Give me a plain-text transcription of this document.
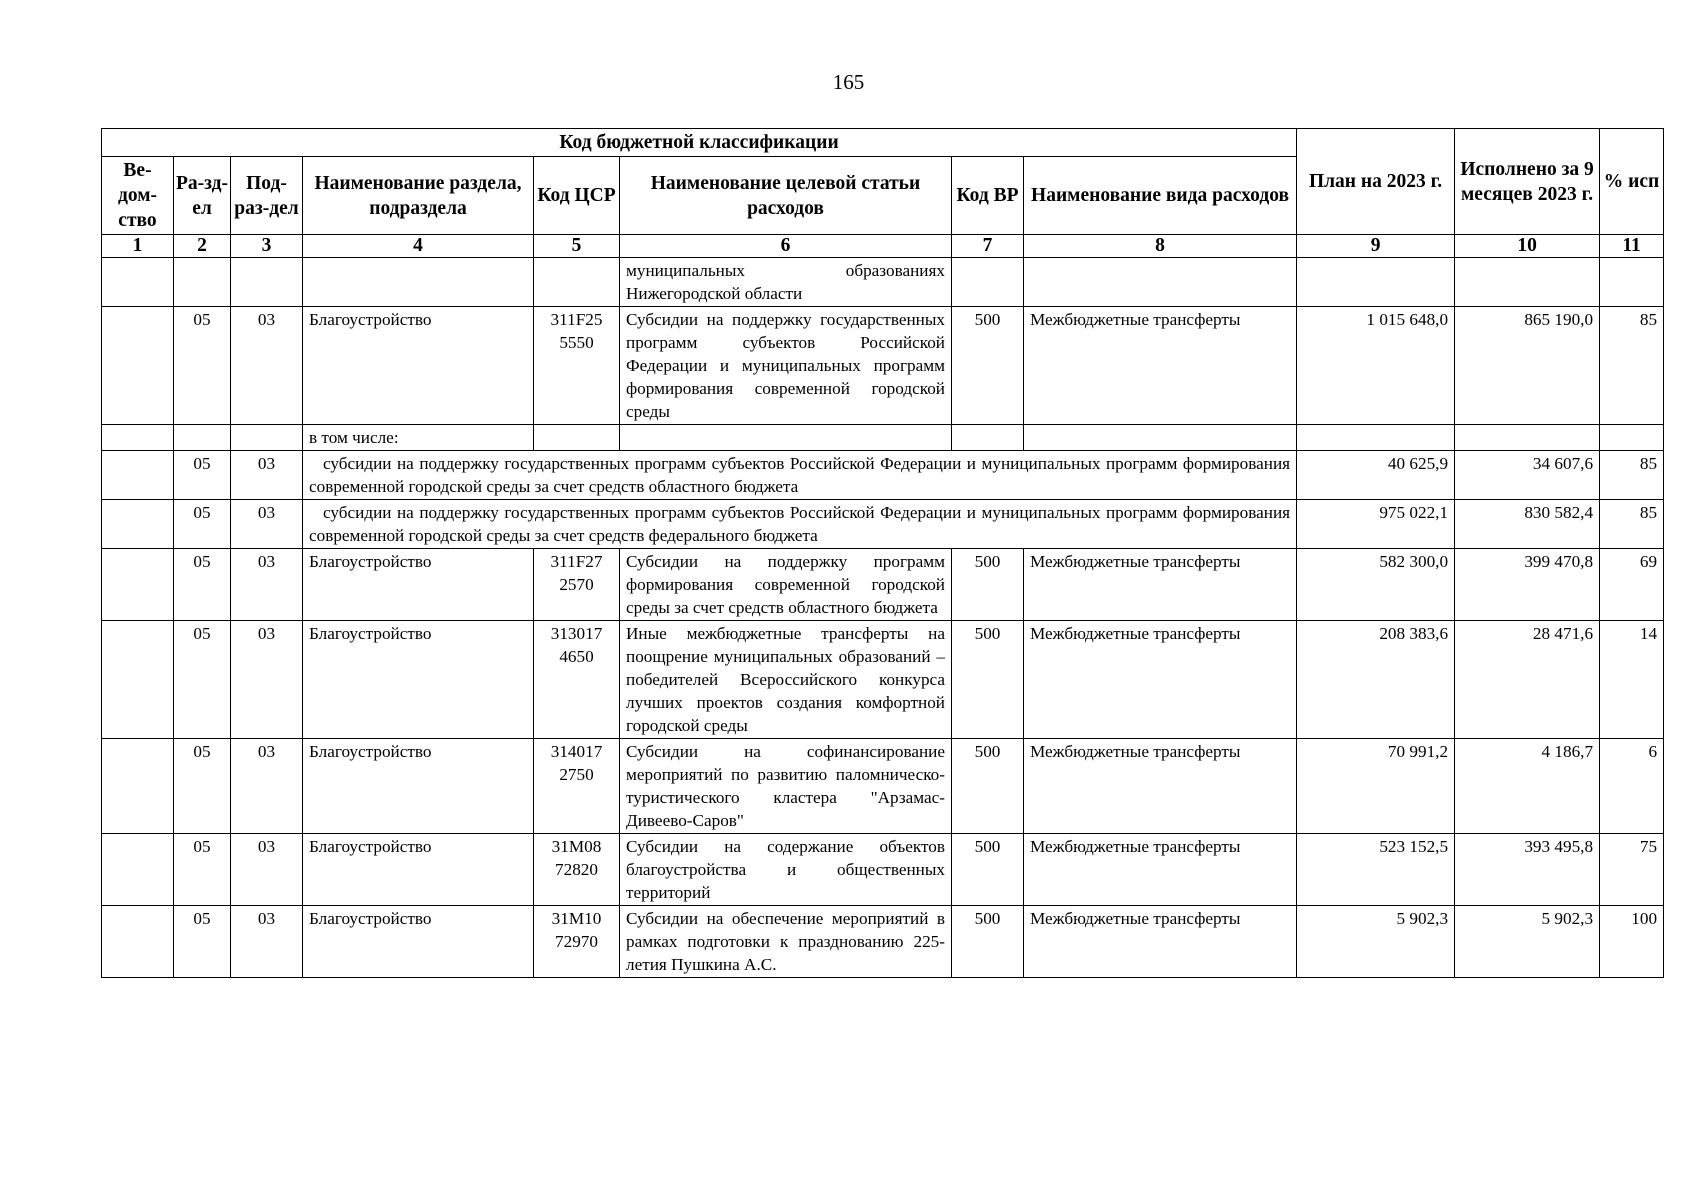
165
Код бюджетной классификации								План на 2023 г.	Исполнено за 9 месяцев 2023 г.	% исп
Ве-дом-ство	Ра-зд-ел	Под-раз-дел	Наименование раздела, подраздела	Код ЦСР	Наименование целевой статьи расходов	Код ВР	Наименование вида расходов			
1	2	3	4	5	6	7	8	9	10	11
					муниципальных образованиях Нижегородской области					
	05	03	Благоустройство	311F25 5550	Субсидии на поддержку государственных программ субъектов Российской Федерации и муниципальных программ формирования современной городской среды	500	Межбюджетные трансферты	1 015 648,0	865 190,0	85
			в том числе:							
	05	03	субсидии на поддержку государственных программ субъектов Российской Федерации и муниципальных программ формирования современной городской среды за счет средств областного бюджета					40 625,9	34 607,6	85
	05	03	субсидии на поддержку государственных программ субъектов Российской Федерации и муниципальных программ формирования современной городской среды за счет средств федерального бюджета					975 022,1	830 582,4	85
	05	03	Благоустройство	311F27 2570	Субсидии на поддержку программ формирования современной городской среды за счет средств областного бюджета	500	Межбюджетные трансферты	582 300,0	399 470,8	69
	05	03	Благоустройство	313017 4650	Иные межбюджетные трансферты на поощрение муниципальных образований – победителей Всероссийского конкурса лучших проектов создания комфортной городской среды	500	Межбюджетные трансферты	208 383,6	28 471,6	14
	05	03	Благоустройство	314017 2750	Субсидии на софинансирование мероприятий по развитию паломническо-туристического кластера "Арзамас-Дивеево-Саров"	500	Межбюджетные трансферты	70 991,2	4 186,7	6
	05	03	Благоустройство	31М08 72820	Субсидии на содержание объектов благоустройства и общественных территорий	500	Межбюджетные трансферты	523 152,5	393 495,8	75
	05	03	Благоустройство	31М10 72970	Субсидии на обеспечение мероприятий в рамках подготовки к празднованию 225-летия Пушкина А.С.	500	Межбюджетные трансферты	5 902,3	5 902,3	100
